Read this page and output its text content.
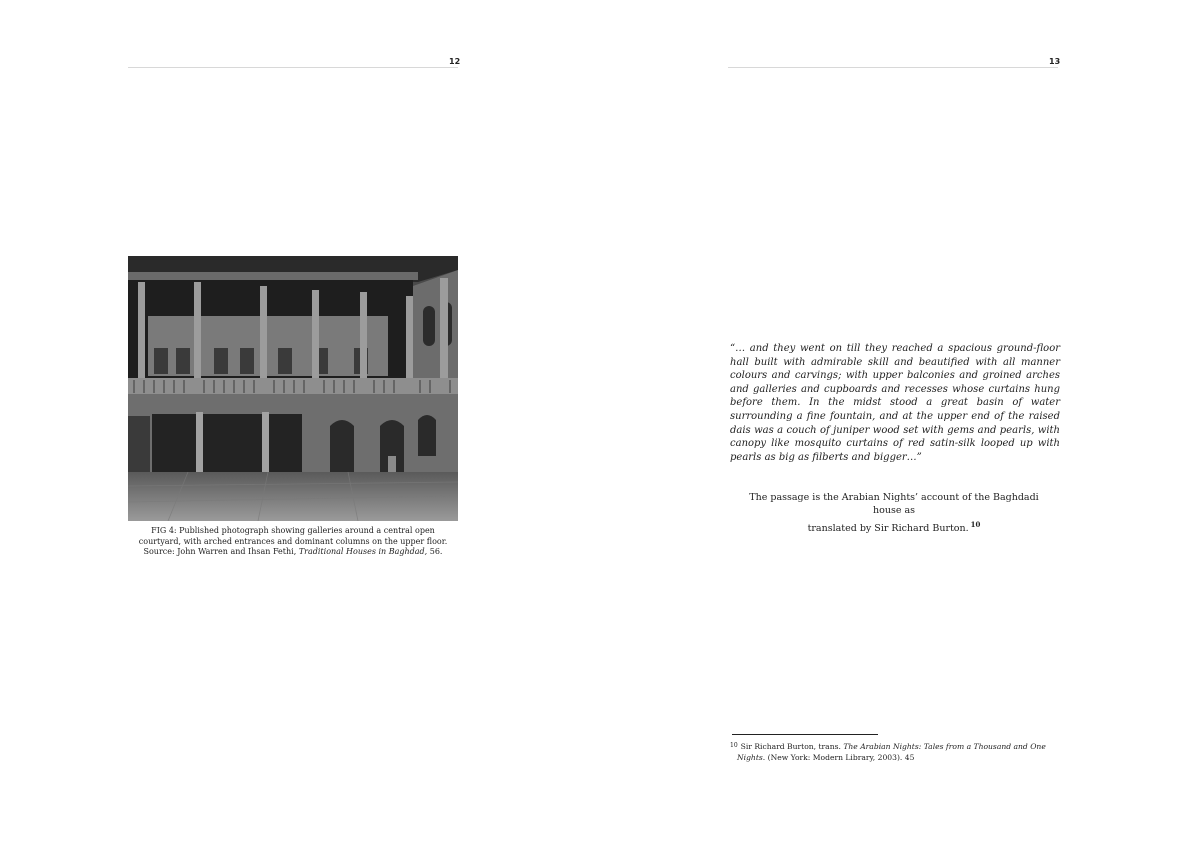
12
FIG 4: Published photograph showing galleries around a central open
courtyard, with arched entrances and dominant columns on the upper floor.
Source: John Warren and Ihsan Fethi, Traditional Houses in Baghdad, 56.
13
“… and they went on till they reached a spacious ground-floor hall built with admirable skill and beautified with all manner colours and carvings; with upper balconies and groined arches and galleries and cupboards and recesses whose curtains hung before them. In the midst stood a great basin of water surrounding a fine fountain, and at the upper end of the raised dais was a couch of juniper wood set with gems and pearls, with canopy like mosquito curtains of red satin-silk looped up with pearls as big as filberts and bigger…”
The passage is the Arabian Nights’ account of the Baghdadi house as
translated by Sir Richard Burton. $^{10}$
$^{10}$ Sir Richard Burton, trans. The Arabian Nights: Tales from a Thousand and One
Nights. (New York: Modern Library, 2003). 45
